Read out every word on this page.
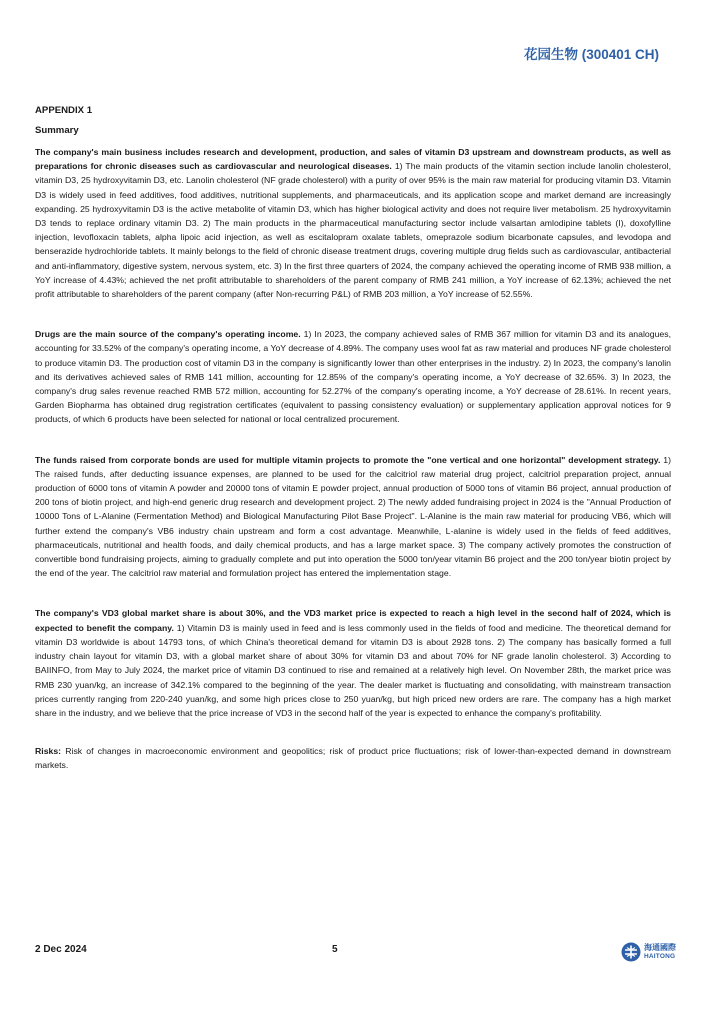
花园生物 (300401 CH)
APPENDIX 1
Summary

The company's main business includes research and development, production, and sales of vitamin D3 upstream and downstream products, as well as preparations for chronic diseases such as cardiovascular and neurological diseases. 1) The main products of the vitamin section include lanolin cholesterol, vitamin D3, 25 hydroxyvitamin D3, etc. Lanolin cholesterol (NF grade cholesterol) with a purity of over 95% is the main raw material for producing vitamin D3. Vitamin D3 is widely used in feed additives, food additives, nutritional supplements, and pharmaceuticals, and its application scope and market demand are increasingly expanding. 25 hydroxyvitamin D3 is the active metabolite of vitamin D3, which has higher biological activity and does not require liver metabolism. 25 hydroxyvitamin D3 tends to replace ordinary vitamin D3. 2) The main products in the pharmaceutical manufacturing sector include valsartan amlodipine tablets (I), doxofylline injection, levofloxacin tablets, alpha lipoic acid injection, as well as escitalopram oxalate tablets, omeprazole sodium bicarbonate capsules, and levodopa and benserazide hydrochloride tablets. It mainly belongs to the field of chronic disease treatment drugs, covering multiple drug fields such as cardiovascular, antibacterial and anti-inflammatory, digestive system, nervous system, etc. 3) In the first three quarters of 2024, the company achieved the operating income of RMB 938 million, a YoY increase of 4.43%; achieved the net profit attributable to shareholders of the parent company of RMB 241 million, a YoY increase of 62.13%; achieved the net profit attributable to shareholders of the parent company (after Non-recurring P&L) of RMB 203 million, a YoY increase of 52.55%.

Drugs are the main source of the company's operating income. 1) In 2023, the company achieved sales of RMB 367 million for vitamin D3 and its analogues, accounting for 33.52% of the company's operating income, a YoY decrease of 4.89%. The company uses wool fat as raw material and produces NF grade cholesterol to produce vitamin D3. The production cost of vitamin D3 in the company is significantly lower than other enterprises in the industry. 2) In 2023, the company's lanolin and its derivatives achieved sales of RMB 141 million, accounting for 12.85% of the company's operating income, a YoY decrease of 32.65%. 3) In 2023, the company's drug sales revenue reached RMB 572 million, accounting for 52.27% of the company's operating income, a YoY decrease of 28.61%. In recent years, Garden Biopharma has obtained drug registration certificates (equivalent to passing consistency evaluation) or supplementary application approval notices for 9 products, of which 6 products have been selected for national or local centralized procurement.

The funds raised from corporate bonds are used for multiple vitamin projects to promote the "one vertical and one horizontal" development strategy. 1) The raised funds, after deducting issuance expenses, are planned to be used for the calcitriol raw material drug project, calcitriol preparation project, annual production of 6000 tons of vitamin A powder and 20000 tons of vitamin E powder project, annual production of 5000 tons of vitamin B6 project, annual production of 200 tons of biotin project, and high-end generic drug research and development project. 2) The newly added fundraising project in 2024 is the "Annual Production of 10000 Tons of L-Alanine (Fermentation Method) and Biological Manufacturing Pilot Base Project". L-Alanine is the main raw material for producing VB6, which will further extend the company's VB6 industry chain upstream and form a cost advantage. Meanwhile, L-alanine is widely used in the fields of feed additives, pharmaceuticals, nutritional and health foods, and daily chemical products, and has a large market space. 3) The company actively promotes the construction of convertible bond fundraising projects, aiming to gradually complete and put into operation the 5000 ton/year vitamin B6 project and the 200 ton/year biotin project by the end of the year. The calcitriol raw material and formulation project has entered the implementation stage.

The company's VD3 global market share is about 30%, and the VD3 market price is expected to reach a high level in the second half of 2024, which is expected to benefit the company. 1) Vitamin D3 is mainly used in feed and is less commonly used in the fields of food and medicine. The theoretical demand for vitamin D3 worldwide is about 14793 tons, of which China's theoretical demand for vitamin D3 is about 2928 tons. 2) The company has basically formed a full industry chain layout for vitamin D3, with a global market share of about 30% for vitamin D3 and about 70% for NF grade lanolin cholesterol. 3) According to BAIINFO, from May to July 2024, the market price of vitamin D3 continued to rise and remained at a relatively high level. On November 28th, the market price was RMB 230 yuan/kg, an increase of 342.1% compared to the beginning of the year. The dealer market is fluctuating and consolidating, with mainstream transaction prices currently ranging from 220-240 yuan/kg, and some high prices close to 250 yuan/kg, but high priced new orders are rare. The company has a high market share in the industry, and we believe that the price increase of VD3 in the second half of the year is expected to enhance the company's profitability.

Risks: Risk of changes in macroeconomic environment and geopolitics; risk of product price fluctuations; risk of lower-than-expected demand in downstream markets.

2 Dec 2024	5	海通國際
HAITONG
